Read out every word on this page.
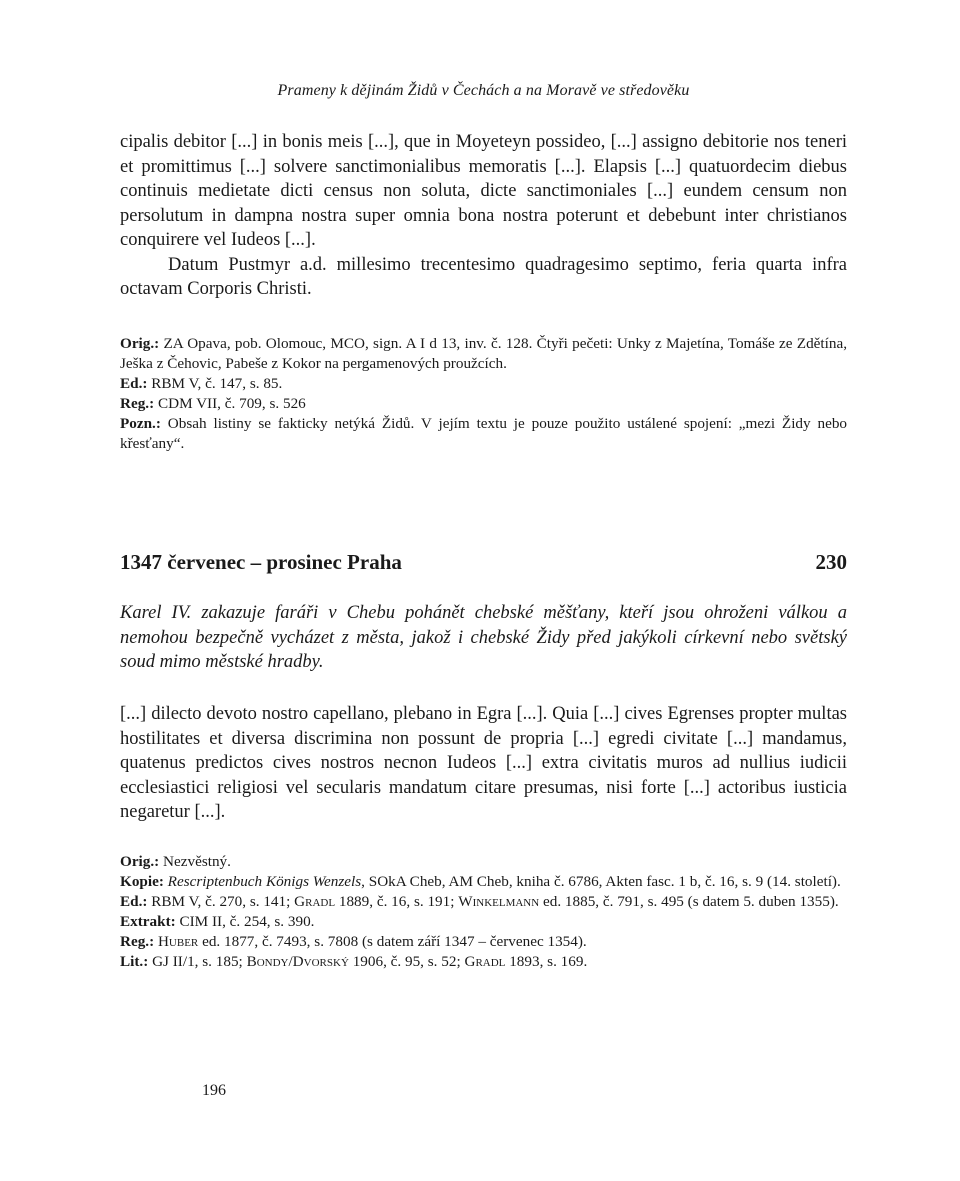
Prameny k dějinám Židů v Čechách a na Moravě ve středověku

cipalis debitor [...] in bonis meis [...], que in Moyeteyn possideo, [...] assigno debitorie nos teneri et promittimus [...] solvere sanctimonialibus memoratis [...]. Elapsis [...] quatuordecim diebus continuis medietate dicti census non soluta, dicte sanctimoniales [...] eundem censum non persolutum in dampna nostra super omnia bona nostra poterunt et debebunt inter christianos conquirere vel Iudeos [...].

Datum Pustmyr a.d. millesimo trecentesimo quadragesimo septimo, feria quarta infra octavam Corporis Christi.

Orig.: ZA Opava, pob. Olomouc, MCO, sign. A I d 13, inv. č. 128. Čtyři pečeti: Unky z Majetína, Tomáše ze Zdětína, Ješka z Čehovic, Pabeše z Kokor na pergamenových proužcích.

Ed.: RBM V, č. 147, s. 85.

Reg.: CDM VII, č. 709, s. 526

Pozn.: Obsah listiny se fakticky netýká Židů. V jejím textu je pouze použito ustálené spojení: „mezi Židy nebo křesťany“.

1347 červenec – prosinec Praha	230
Karel IV. zakazuje faráři v Chebu pohánět chebské měšťany, kteří jsou ohroženi válkou a nemohou bezpečně vycházet z města, jakož i chebské Židy před jakýkoli církevní nebo světský soud mimo městské hradby.

[...] dilecto devoto nostro capellano, plebano in Egra [...]. Quia [...] cives Egrenses propter multas hostilitates et diversa discrimina non possunt de propria [...] egredi civitate [...] mandamus, quatenus predictos cives nostros necnon Iudeos [...] extra civitatis muros ad nullius iudicii ecclesiastici religiosi vel secularis mandatum citare presumas, nisi forte [...] actoribus iusticia negaretur [...].

Orig.: Nezvěstný.

Kopie: Rescriptenbuch Königs Wenzels, SOkA Cheb, AM Cheb, kniha č. 6786, Akten fasc. 1 b, č. 16, s. 9 (14. století).

Ed.: RBM V, č. 270, s. 141; Gradl 1889, č. 16, s. 191; Winkelmann ed. 1885, č. 791, s. 495 (s datem 5. duben 1355).

Extrakt: CIM II, č. 254, s. 390.

Reg.: Huber ed. 1877, č. 7493, s. 7808 (s datem září 1347 – červenec 1354).

Lit.: GJ II/1, s. 185; Bondy/Dvorský 1906, č. 95, s. 52; Gradl 1893, s. 169.

196
